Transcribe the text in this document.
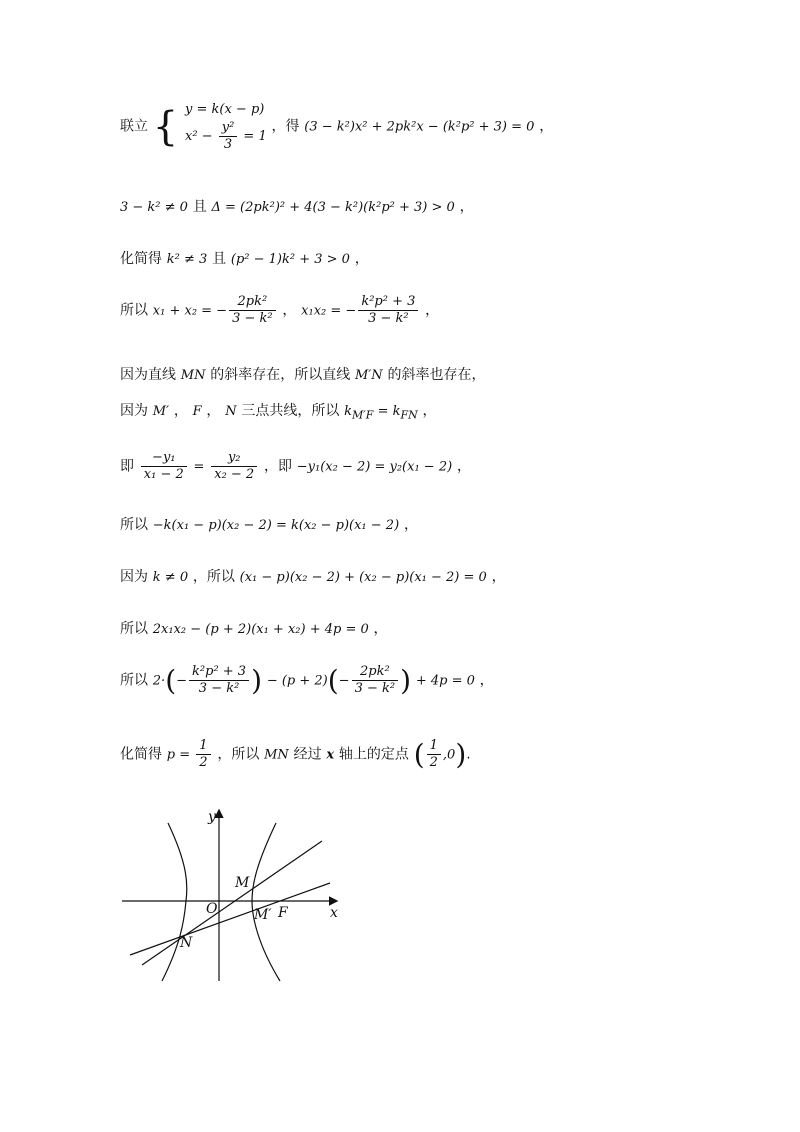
联立 { y = k(x − p)
$x^2 - \frac{\text{y²}}{3} = 1$
，得 (3 − k²)x² + 2pk²x − (k²p² + 3) = 0 ，
3 − k² ≠ 0 且 Δ = (2pk²)² + 4(3 − k²)(k²p² + 3) > 0 ，
化简得 k² ≠ 3 且 (p² − 1)k² + 3 > 0 ，
所以 x₁ + x₂ = − $\frac{\text{2pk²}}{\text{3 − k²}}$ ， x₁x₂ = − $\frac{\text{k²p² + 3}}{\text{3 − k²}}$ ，
因为直线 MN 的斜率存在，所以直线 M′N 的斜率也存在，
因为 M′ ， F ， N 三点共线，所以 $k_{M'F} = k_{FN}$ ，
即 $\frac{\text{−y₁}}{\text{x₁ − 2}} = \frac{\text{y₂}}{\text{x₂ − 2}}$ ，即 −y₁(x₂ − 2) = y₂(x₁ − 2) ，
所以 −k(x₁ − p)(x₂ − 2) = k(x₂ − p)(x₁ − 2) ，
因为 k ≠ 0 ，所以 (x₁ − p)(x₂ − 2) + (x₂ − p)(x₁ − 2) = 0 ，
所以 2x₁x₂ − (p + 2)(x₁ + x₂) + 4p = 0 ，
所以 $2\cdot(- \frac{\text{k²p² + 3}}{\text{3 − k²}}$ ) − $(p + 2)(- \frac{\text{2pk²}}{\text{3 − k²}}$ ) + 4p = 0 ，
化简得 $p = \frac{1}{2}$ ，所以 MN 经过 x 轴上的定点 ( $\frac{1}{2} ,0$).
y
x
O
M
M′ F
N
